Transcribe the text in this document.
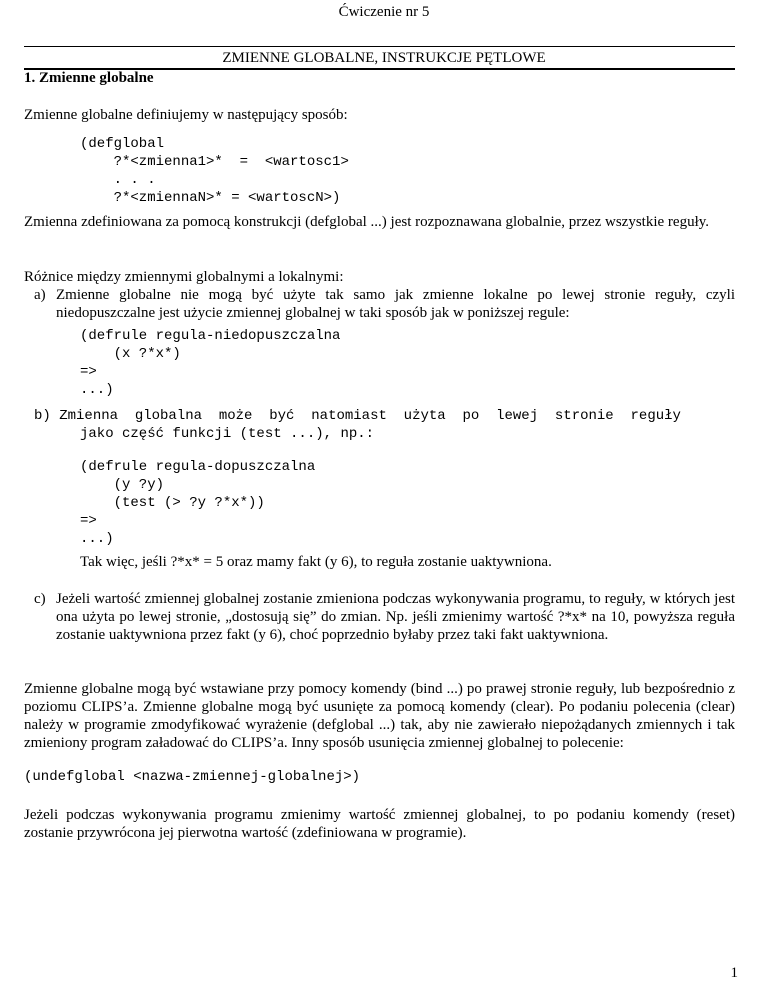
Ćwiczenie nr 5
ZMIENNE GLOBALNE, INSTRUKCJE PĘTLOWE
1. Zmienne globalne
Zmienne globalne definiujemy w następujący sposób:
(defglobal
?*<zmienna1>*  =  <wartosc1>
. . .
?*<zmiennaN>* = <wartoscN>)
Zmienna zdefiniowana za pomocą konstrukcji (defglobal ...) jest rozpoznawana globalnie, przez wszystkie reguły.
Różnice między zmiennymi globalnymi a lokalnymi:
a) Zmienne globalne nie mogą być użyte tak samo jak zmienne lokalne po lewej stronie reguły, czyli niedopuszczalne jest użycie zmiennej globalnej w taki sposób jak w poniższej regule:
(defrule regula-niedopuszczalna
(x ?*x*)
=>
...)
b) Zmienna  globalna  może  być  natomiast  użyta  po  lewej  stronie  reguły
jako część funkcji (test ...), np.:
(defrule regula-dopuszczalna
(y ?y)
(test (> ?y ?*x*))
=>
...)
Tak więc, jeśli ?*x* = 5 oraz mamy fakt (y 6), to reguła zostanie uaktywniona.
c) Jeżeli wartość zmiennej globalnej zostanie zmieniona podczas wykonywania programu, to reguły, w których jest ona użyta po lewej stronie, „dostosują się” do zmian. Np. jeśli zmienimy wartość ?*x* na 10, powyższa reguła zostanie uaktywniona przez fakt (y 6), choć poprzednio byłaby przez taki fakt uaktywniona.
Zmienne globalne mogą być wstawiane przy pomocy komendy (bind ...) po prawej stronie reguły, lub bezpośrednio z poziomu CLIPS’a. Zmienne globalne mogą być usunięte za pomocą komendy (clear). Po podaniu polecenia (clear) należy w programie zmodyfikować wyrażenie (defglobal ...) tak, aby nie zawierało niepożądanych zmiennych i tak zmieniony program załadować do CLIPS’a. Inny sposób usunięcia zmiennej globalnej to polecenie:
(undefglobal <nazwa-zmiennej-globalnej>)
Jeżeli podczas wykonywania programu zmienimy wartość zmiennej globalnej, to po podaniu komendy (reset) zostanie przywrócona jej pierwotna wartość (zdefiniowana w programie).
1
